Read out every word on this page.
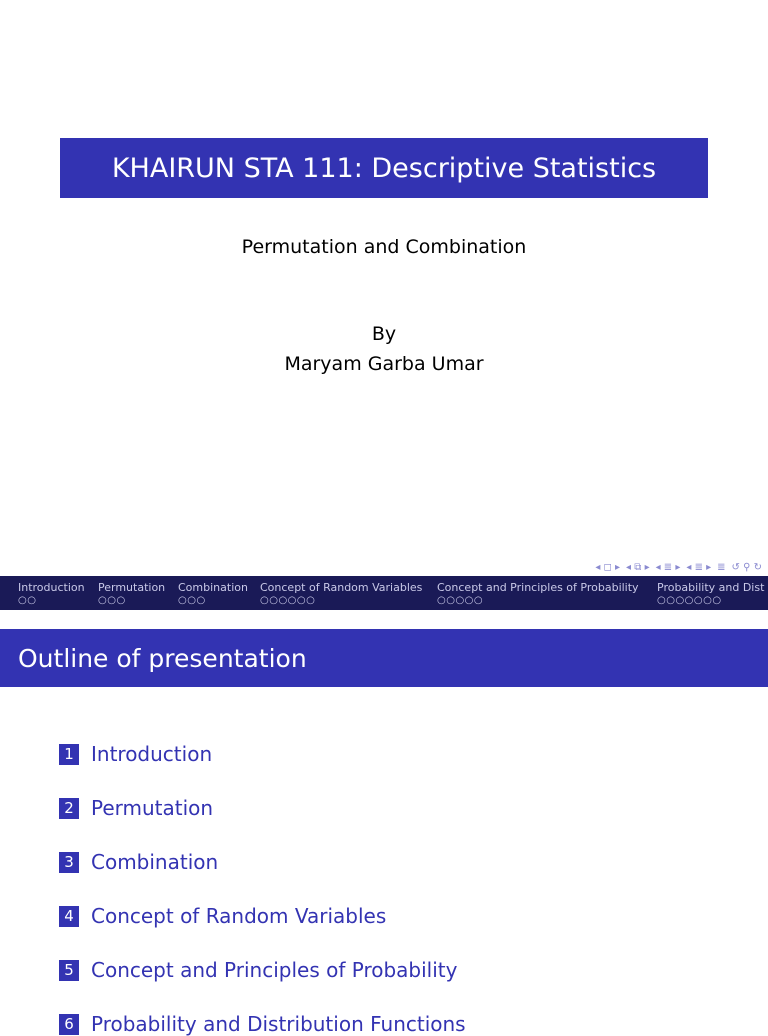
KHAIRUN STA 111: Descriptive Statistics
Permutation and Combination
By
Maryam Garba Umar
◂ ◻ ▸ ◂ ⧉ ▸ ◂ ≣ ▸ ◂ ≣ ▸ ≣ ↺ ⚲ ↻
Introduction
○○
Permutation
○○○
Combination
○○○
Concept of Random Variables
○○○○○○
Concept and Principles of Probability
○○○○○
Probability and Dist
○○○○○○○
Outline of presentation
1 Introduction
2 Permutation
3 Combination
4 Concept of Random Variables
5 Concept and Principles of Probability
6 Probability and Distribution Functions
